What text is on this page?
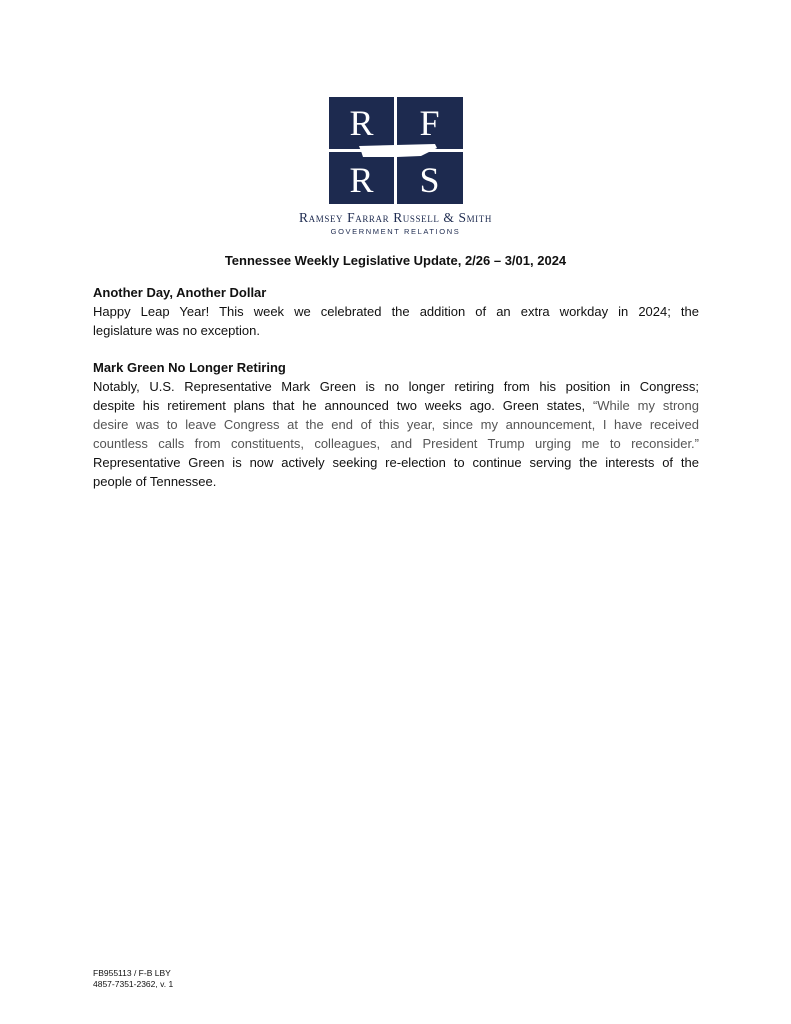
R	F
R	S
Ramsey Farrar Russell & Smith
GOVERNMENT RELATIONS
Tennessee Weekly Legislative Update, 2/26 – 3/01, 2024
Another Day, Another Dollar
Happy Leap Year! This week we celebrated the addition of an extra workday in 2024; the
legislature was no exception.
Mark Green No Longer Retiring
Notably, U.S. Representative Mark Green is no longer retiring from his position in Congress;
despite his retirement plans that he announced two weeks ago. Green states, “While my strong
desire was to leave Congress at the end of this year, since my announcement, I have received
countless calls from constituents, colleagues, and President Trump urging me to reconsider.”
Representative Green is now actively seeking re-election to continue serving the interests of the
people of Tennessee.
FB955113 / F-B LBY
4857-7351-2362, v. 1
